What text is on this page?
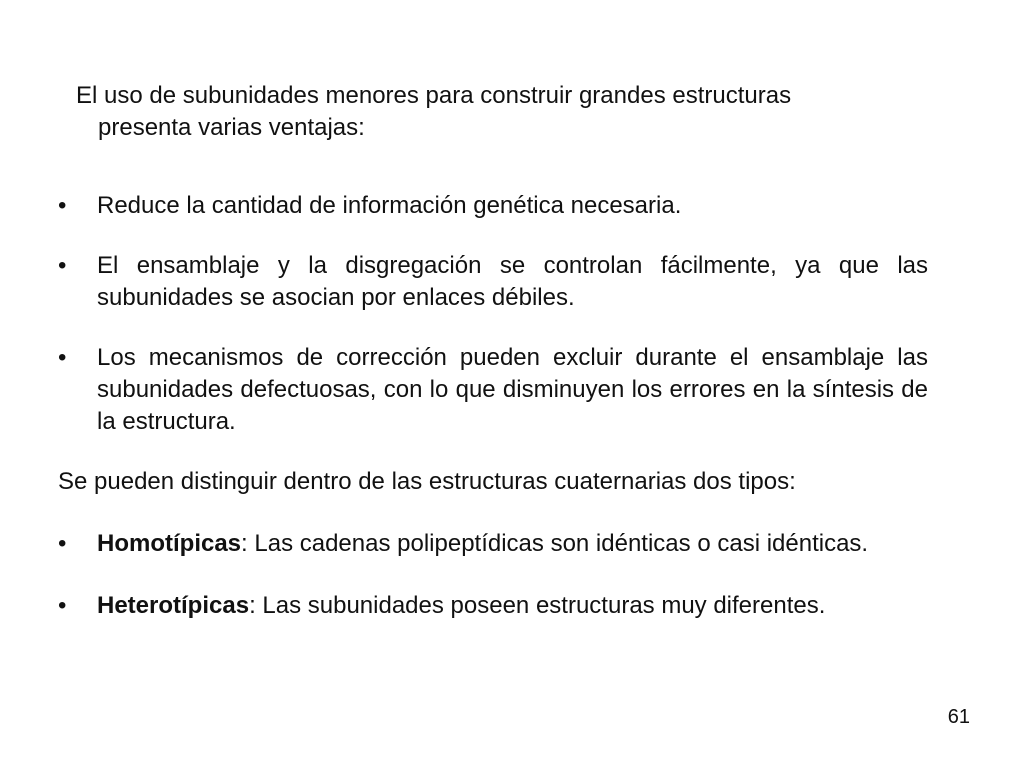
El uso de subunidades menores para construir grandes estructuras
presenta varias ventajas:
•	Reduce la cantidad de información genética necesaria.
•	El ensamblaje y la disgregación se controlan fácilmente, ya que las subunidades se asocian por enlaces débiles.
•	Los mecanismos de corrección pueden excluir durante el ensamblaje las subunidades defectuosas, con lo que disminuyen los errores en la síntesis de la estructura.
Se pueden distinguir dentro de las estructuras cuaternarias dos tipos:
•	Homotípicas: Las cadenas polipeptídicas son idénticas o casi idénticas.
•	Heterotípicas: Las subunidades poseen estructuras muy diferentes.
61
